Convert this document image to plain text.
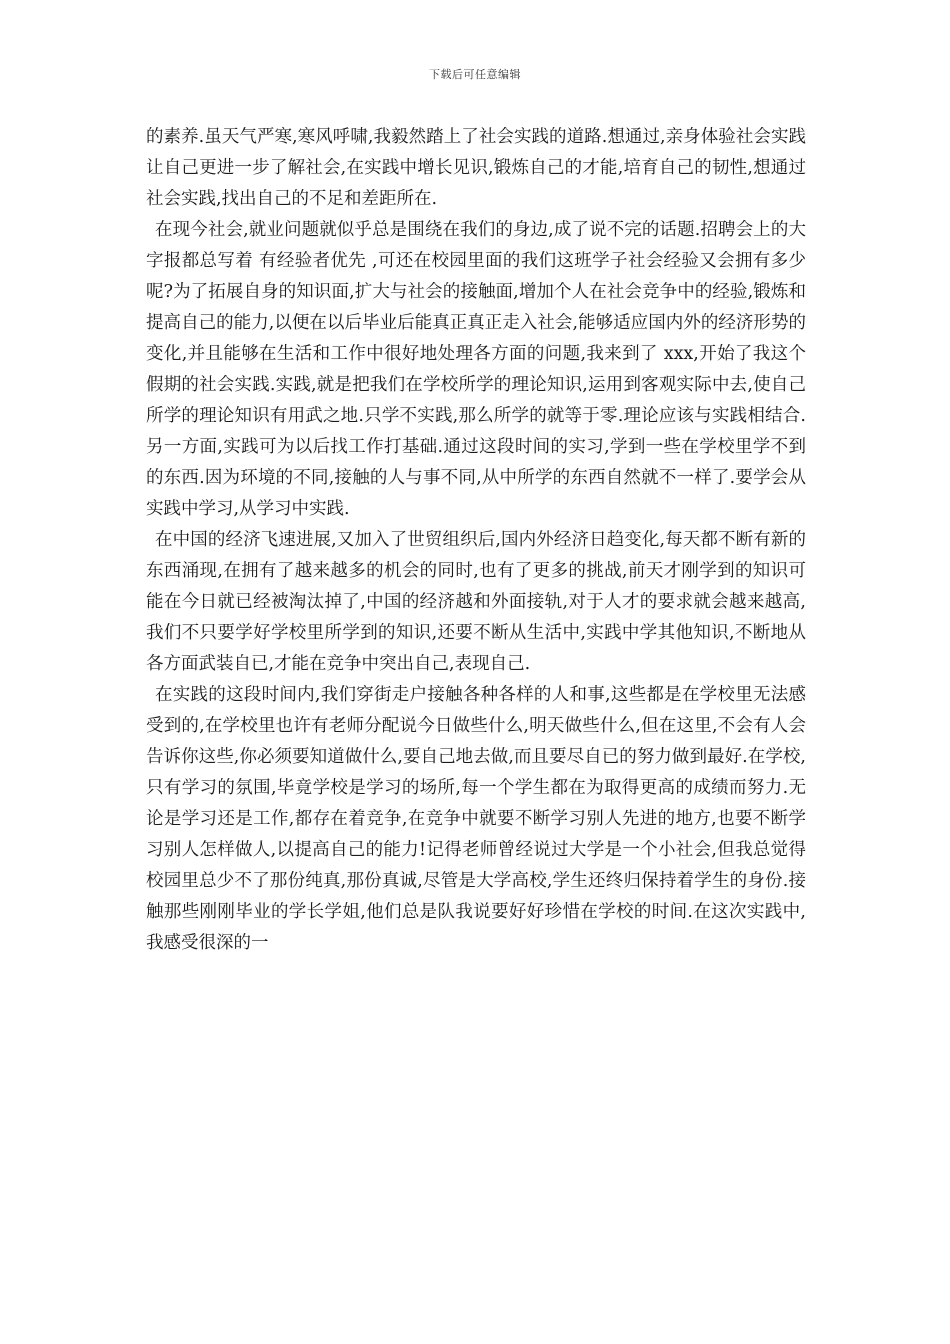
下载后可任意编辑

的素养.虽天气严寒,寒风呼啸,我毅然踏上了社会实践的道路.想通过,亲身体验社会实践让自己更进一步了解社会,在实践中增长见识,锻炼自己的才能,培育自己的韧性,想通过社会实践,找出自己的不足和差距所在.

在现今社会,就业问题就似乎总是围绕在我们的身边,成了说不完的话题.招聘会上的大字报都总写着 有经验者优先 ,可还在校园里面的我们这班学子社会经验又会拥有多少呢?为了拓展自身的知识面,扩大与社会的接触面,增加个人在社会竞争中的经验,锻炼和提高自己的能力,以便在以后毕业后能真正真正走入社会,能够适应国内外的经济形势的变化,并且能够在生活和工作中很好地处理各方面的问题,我来到了 xxx,开始了我这个假期的社会实践.实践,就是把我们在学校所学的理论知识,运用到客观实际中去,使自己所学的理论知识有用武之地.只学不实践,那么所学的就等于零.理论应该与实践相结合.另一方面,实践可为以后找工作打基础.通过这段时间的实习,学到一些在学校里学不到的东西.因为环境的不同,接触的人与事不同,从中所学的东西自然就不一样了.要学会从实践中学习,从学习中实践.

在中国的经济飞速进展,又加入了世贸组织后,国内外经济日趋变化,每天都不断有新的东西涌现,在拥有了越来越多的机会的同时,也有了更多的挑战,前天才刚学到的知识可能在今日就已经被淘汰掉了,中国的经济越和外面接轨,对于人才的要求就会越来越高,我们不只要学好学校里所学到的知识,还要不断从生活中,实践中学其他知识,不断地从各方面武装自已,才能在竞争中突出自己,表现自己.

在实践的这段时间内,我们穿街走户接触各种各样的人和事,这些都是在学校里无法感受到的,在学校里也许有老师分配说今日做些什么,明天做些什么,但在这里,不会有人会告诉你这些,你必须要知道做什么,要自己地去做,而且要尽自已的努力做到最好.在学校,只有学习的氛围,毕竟学校是学习的场所,每一个学生都在为取得更高的成绩而努力.无论是学习还是工作,都存在着竞争,在竞争中就要不断学习别人先进的地方,也要不断学习别人怎样做人,以提高自己的能力!记得老师曾经说过大学是一个小社会,但我总觉得校园里总少不了那份纯真,那份真诚,尽管是大学高校,学生还终归保持着学生的身份.接触那些刚刚毕业的学长学姐,他们总是队我说要好好珍惜在学校的时间.在这次实践中,我感受很深的一
